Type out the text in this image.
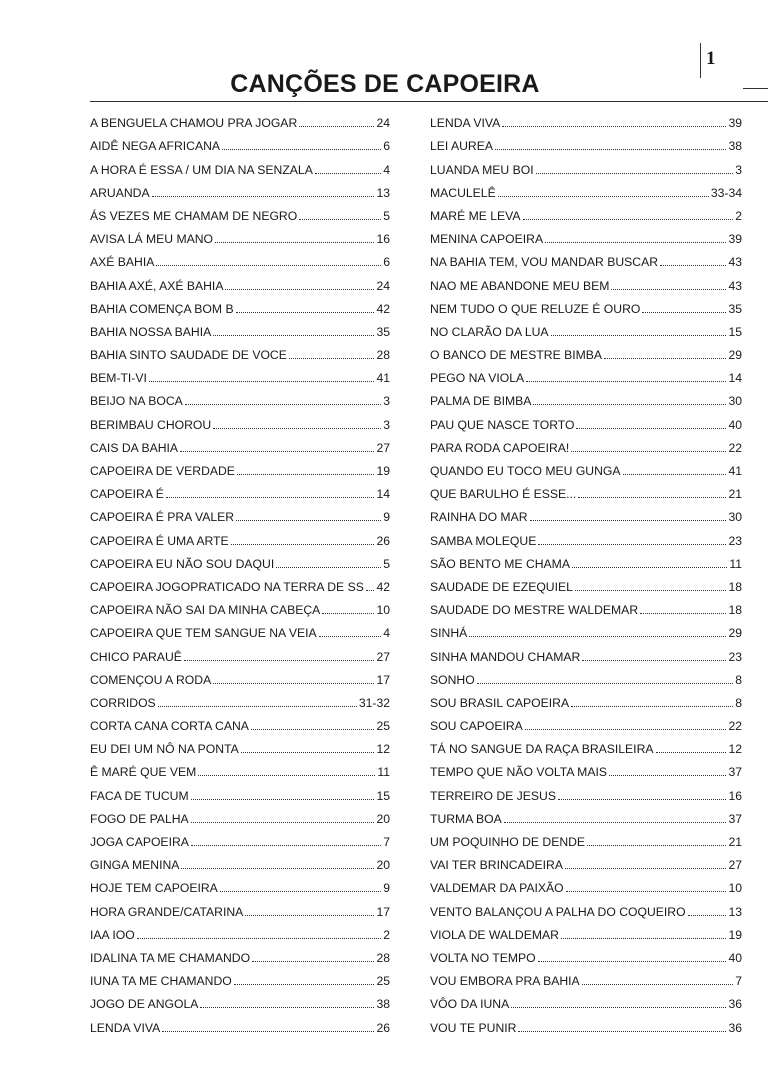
1
CANÇÕES DE CAPOEIRA
A BENGUELA CHAMOU PRA JOGAR	24
AIDÊ NEGA AFRICANA	6
A HORA É ESSA / UM DIA NA SENZALA	4
ARUANDA	13
ÁS VEZES ME CHAMAM DE NEGRO	5
AVISA LÁ MEU MANO	16
AXÉ BAHIA	6
BAHIA AXÉ, AXÉ BAHIA	24
BAHIA COMENÇA BOM B	42
BAHIA NOSSA BAHIA	35
BAHIA SINTO SAUDADE DE VOCE	28
BEM-TI-VI	41
BEIJO NA BOCA	3
BERIMBAU CHOROU	3
CAIS DA BAHIA	27
CAPOEIRA DE VERDADE	19
CAPOEIRA É	14
CAPOEIRA É PRA VALER	9
CAPOEIRA É UMA ARTE	26
CAPOEIRA EU NÃO SOU DAQUI	5
CAPOEIRA JOGOPRATICADO NA TERRA DE SS 42
CAPOEIRA NÃO SAI DA MINHA CABEÇA	10
CAPOEIRA QUE TEM SANGUE NA VEIA	4
CHICO PARAUÊ	27
COMENÇOU A RODA	17
CORRIDOS	31-32
CORTA CANA CORTA CANA	25
EU DEI UM NÔ NA PONTA	12
Ê MARÉ QUE VEM	11
FACA DE TUCUM	15
FOGO DE PALHA	20
JOGA CAPOEIRA	7
GINGA MENINA	20
HOJE TEM CAPOEIRA	9
HORA GRANDE/CATARINA	17
IAA IOO	2
IDALINA TA ME CHAMANDO	28
IUNA TA ME CHAMANDO	25
JOGO DE ANGOLA	38
LENDA VIVA	26
LENDA VIVA	39
LEI AUREA	38
LUANDA MEU BOI	3
MACULELÊ	33-34
MARÉ ME LEVA	2
MENINA CAPOEIRA	39
NA BAHIA TEM, VOU MANDAR BUSCAR	43
NAO ME ABANDONE MEU BEM	43
NEM TUDO O QUE RELUZE É OURO	35
NO CLARÃO DA LUA	15
O BANCO DE MESTRE BIMBA	29
PEGO NA VIOLA	14
PALMA DE BIMBA	30
PAU QUE NASCE TORTO	40
PARA RODA CAPOEIRA!	22
QUANDO EU TOCO MEU GUNGA	41
QUE BARULHO É ESSE...	21
RAINHA DO MAR	30
SAMBA MOLEQUE	23
SÃO BENTO ME CHAMA	11
SAUDADE DE EZEQUIEL	18
SAUDADE DO MESTRE WALDEMAR	18
SINHÁ	29
SINHA MANDOU CHAMAR	23
SONHO	8
SOU BRASIL CAPOEIRA	8
SOU CAPOEIRA	22
TÁ NO SANGUE DA RAÇA BRASILEIRA	12
TEMPO QUE NÃO VOLTA MAIS	37
TERREIRO DE JESUS	16
TURMA BOA	37
UM POQUINHO DE DENDE	21
VAI TER BRINCADEIRA	27
VALDEMAR DA PAIXÃO	10
VENTO BALANÇOU A PALHA DO COQUEIRO	13
VIOLA DE WALDEMAR	19
VOLTA NO TEMPO	40
VOU EMBORA PRA BAHIA	7
VÔO DA IUNA	36
VOU TE PUNIR	36
